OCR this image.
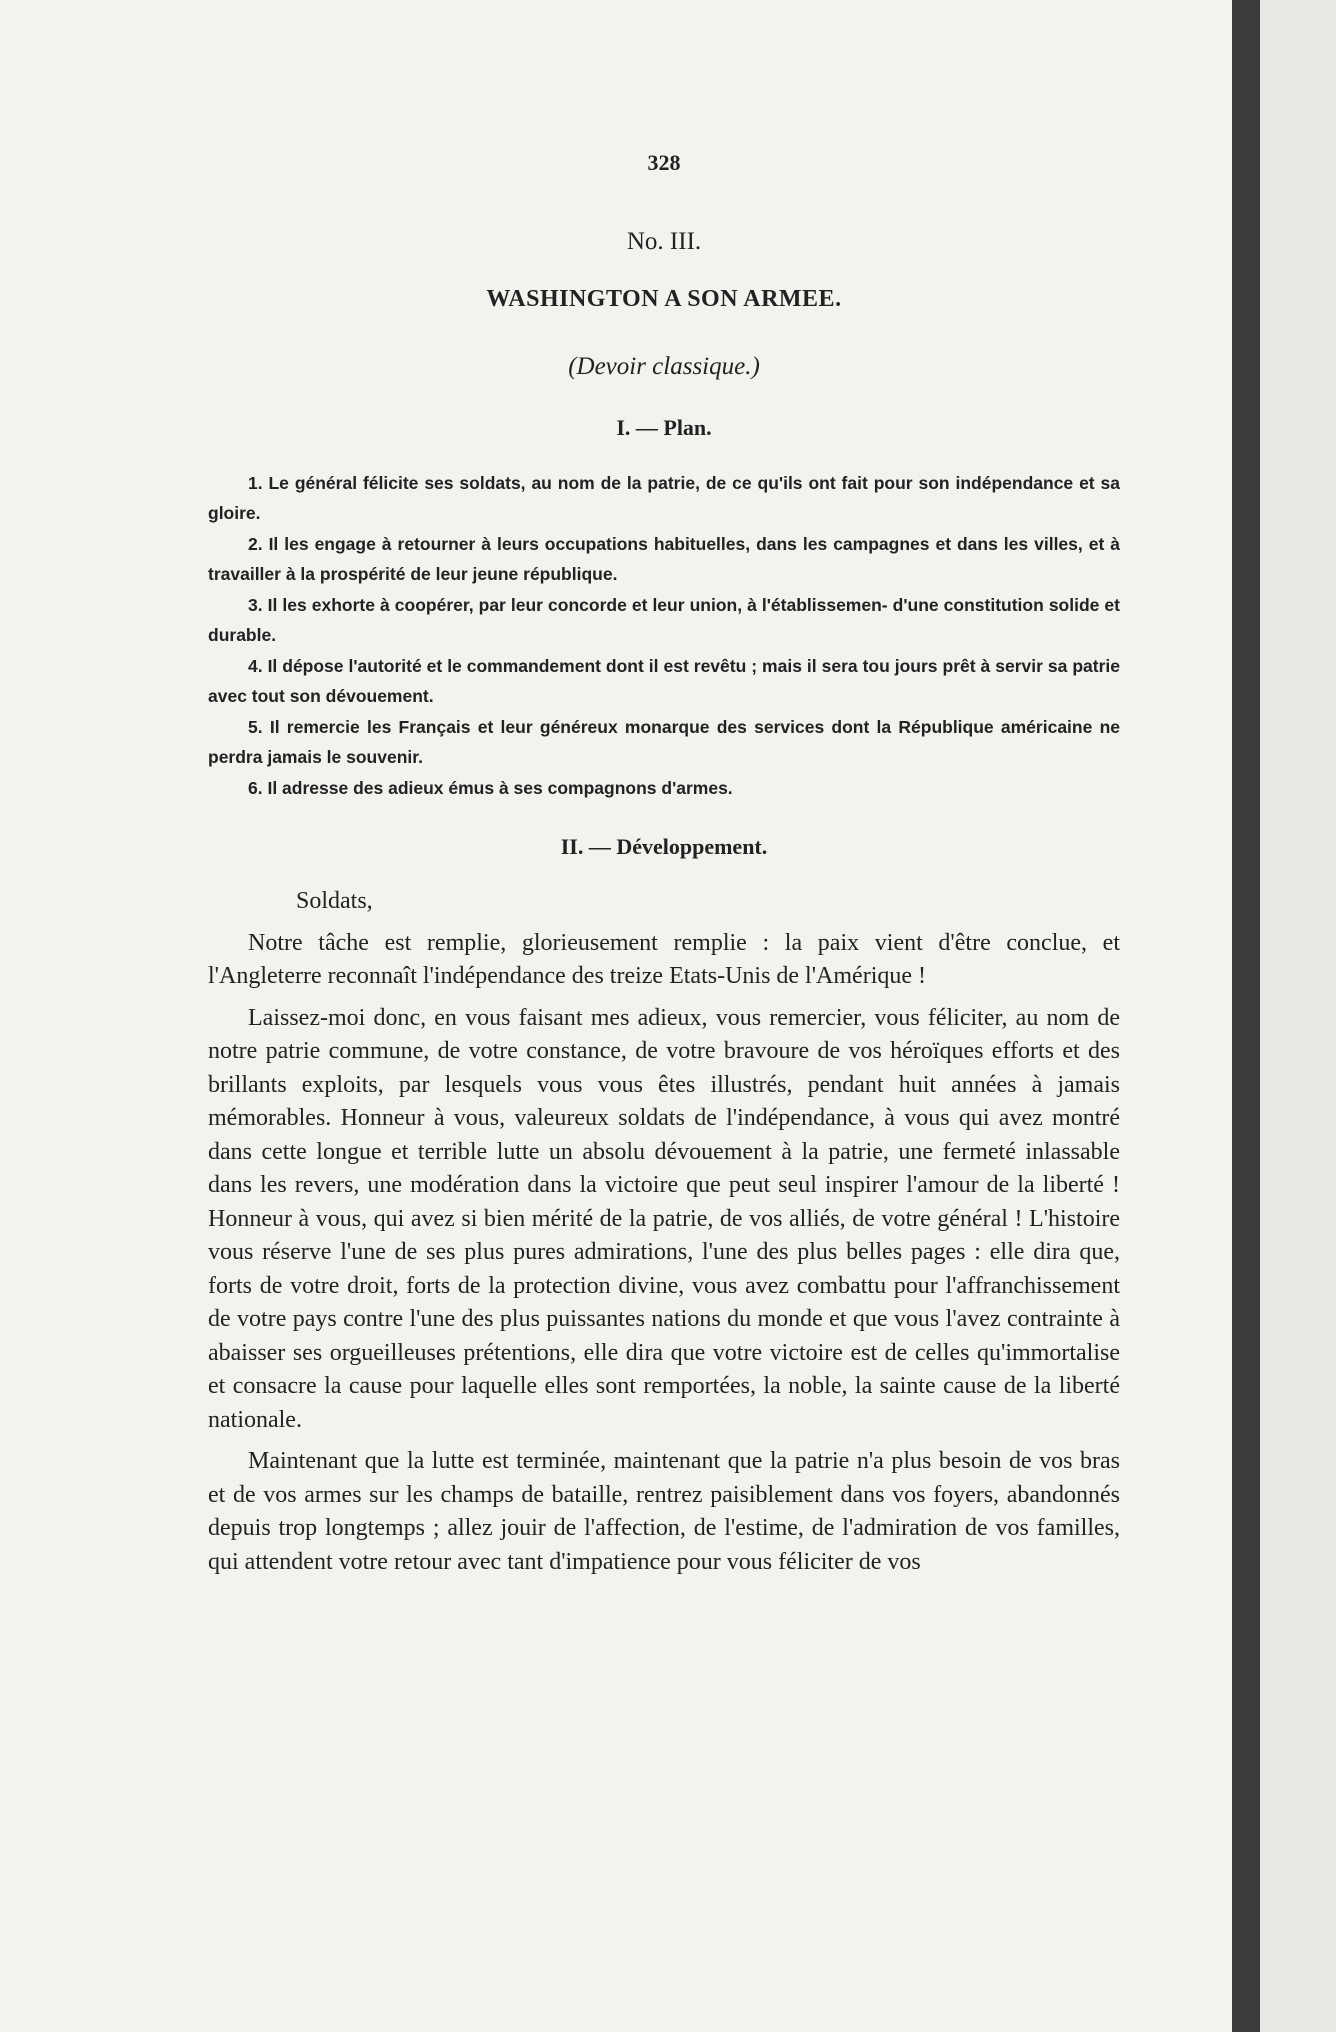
328
No. III.
WASHINGTON A SON ARMEE.
(Devoir classique.)
I. — Plan.
1. Le général félicite ses soldats, au nom de la patrie, de ce qu'ils ont fait pour son indépendance et sa gloire.
2. Il les engage à retourner à leurs occupations habituelles, dans les campagnes et dans les villes, et à travailler à la prospérité de leur jeune république.
3. Il les exhorte à coopérer, par leur concorde et leur union, à l'établissemen- d'une constitution solide et durable.
4. Il dépose l'autorité et le commandement dont il est revêtu ; mais il sera tou jours prêt à servir sa patrie avec tout son dévouement.
5. Il remercie les Français et leur généreux monarque des services dont la République américaine ne perdra jamais le souvenir.
6. Il adresse des adieux émus à ses compagnons d'armes.
II. — Développement.
Soldats,

Notre tâche est remplie, glorieusement remplie : la paix vient d'être conclue, et l'Angleterre reconnaît l'indépendance des treize Etats-Unis de l'Amérique !

Laissez-moi donc, en vous faisant mes adieux, vous remercier, vous féliciter, au nom de notre patrie commune, de votre constance, de votre bravoure de vos héroïques efforts et des brillants exploits, par lesquels vous vous êtes illustrés, pendant huit années à jamais mémorables. Honneur à vous, valeureux soldats de l'indépendance, à vous qui avez montré dans cette longue et terrible lutte un absolu dévouement à la patrie, une fermeté inlassable dans les revers, une modération dans la victoire que peut seul inspirer l'amour de la liberté ! Honneur à vous, qui avez si bien mérité de la patrie, de vos alliés, de votre général ! L'histoire vous réserve l'une de ses plus pures admirations, l'une des plus belles pages : elle dira que, forts de votre droit, forts de la protection divine, vous avez combattu pour l'affranchissement de votre pays contre l'une des plus puissantes nations du monde et que vous l'avez contrainte à abaisser ses orgueilleuses prétentions, elle dira que votre victoire est de celles qu'immortalise et consacre la cause pour laquelle elles sont remportées, la noble, la sainte cause de la liberté nationale.

Maintenant que la lutte est terminée, maintenant que la patrie n'a plus besoin de vos bras et de vos armes sur les champs de bataille, rentrez paisiblement dans vos foyers, abandonnés depuis trop longtemps ; allez jouir de l'affection, de l'estime, de l'admiration de vos familles, qui attendent votre retour avec tant d'impatience pour vous féliciter de vos
